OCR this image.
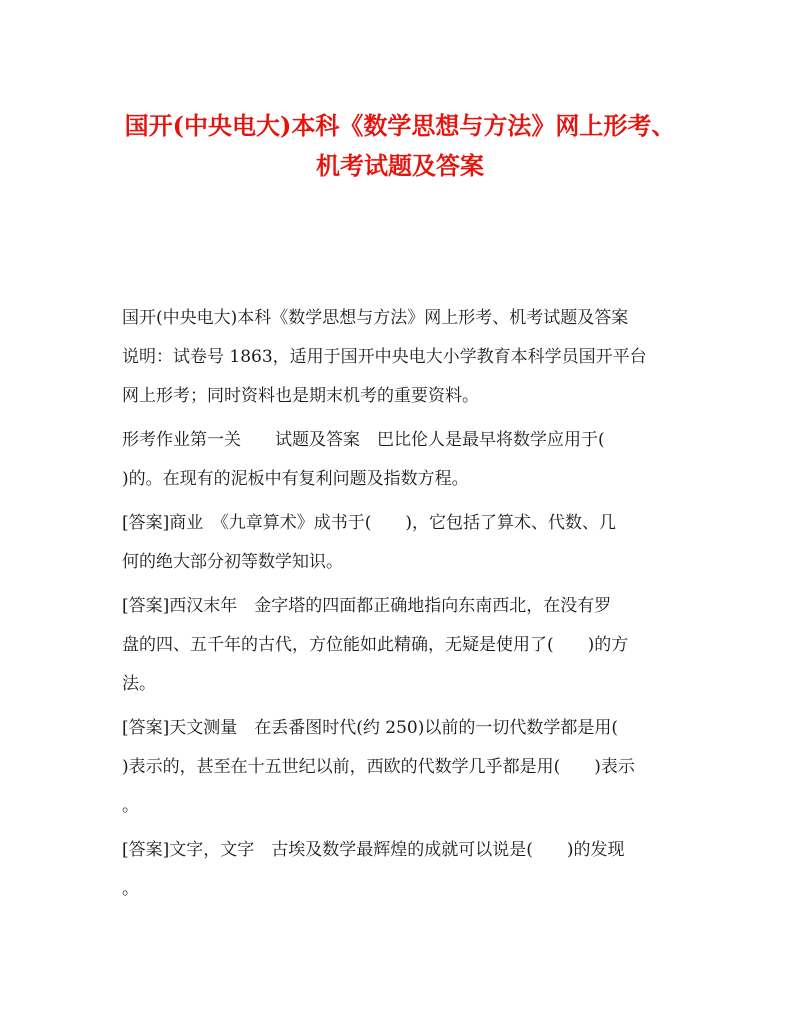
国开(中央电大)本科《数学思想与方法》网上形考、
机考试题及答案
国开(中央电大)本科《数学思想与方法》网上形考、机考试题及答案
说明：试卷号 1863，适用于国开中央电大小学教育本科学员国开平台
网上形考；同时资料也是期末机考的重要资料。
形考作业第一关　　试题及答案　巴比伦人是最早将数学应用于(
)的。在现有的泥板中有复利问题及指数方程。
[答案]商业　《九章算术》成书于(　　)，它包括了算术、代数、几
何的绝大部分初等数学知识。
[答案]西汉末年　金字塔的四面都正确地指向东南西北，在没有罗
盘的四、五千年的古代，方位能如此精确，无疑是使用了(　　)的方
法。
[答案]天文测量　在丢番图时代(约 250)以前的一切代数学都是用(
)表示的，甚至在十五世纪以前，西欧的代数学几乎都是用(　　)表示
。
[答案]文字，文字　古埃及数学最辉煌的成就可以说是(　　)的发现
。
